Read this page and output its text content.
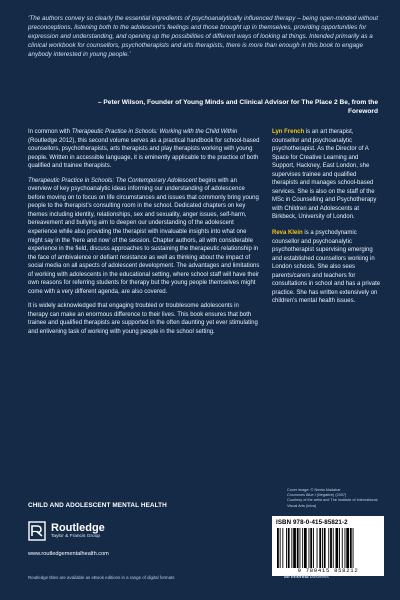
‘The authors convey so clearly the essential ingredients of psychoanalytically influenced therapy – being open-minded without preconceptions, listening both to the adolescent’s feelings and those brought up in themselves, providing opportunities for expression and understanding, and opening up the possibilities of different ways of looking at things. Intended primarily as a clinical workbook for counsellors, psychotherapists and arts therapists, there is more than enough in this book to engage anybody interested in young people.’
– Peter Wilson, Founder of Young Minds and Clinical Advisor for The Place 2 Be, from the Foreword

In common with Therapeutic Practice in Schools: Working with the Child Within (Routledge 2012), this second volume serves as a practical handbook for school-based counsellors, psychotherapists, arts therapists and play therapists working with young people. Written in accessible language, it is eminently applicable to the practice of both qualified and trainee therapists.

Therapeutic Practice in Schools: The Contemporary Adolescent begins with an overview of key psychoanalytic ideas informing our understanding of adolescence before moving on to focus on life circumstances and issues that commonly bring young people to the therapist’s consulting room in the school. Dedicated chapters on key themes including identity, relationships, sex and sexuality, anger issues, self-harm, bereavement and bullying aim to deepen our understanding of the adolescent experience while also providing the therapist with invaluable insights into what one might say in the ‘here and now’ of the session. Chapter authors, all with considerable experience in the field, discuss approaches to sustaining the therapeutic relationship in the face of ambivalence or defiant resistance as well as thinking about the impact of social media on all aspects of adolescent development. The advantages and limitations of working with adolescents in the educational setting, where school staff will have their own reasons for referring students for therapy but the young people themselves might come with a very different agenda, are also covered.

It is widely acknowledged that engaging troubled or troublesome adolescents in therapy can make an enormous difference to their lives. This book ensures that both trainee and qualified therapists are supported in the often daunting yet ever stimulating and enlivening task of working with young people in the school setting.

Lyn French is an art therapist, counsellor and psychoanalytic psychotherapist. As the Director of A Space for Creative Learning and Support, Hackney, East London, she supervises trainee and qualified therapists and manages school-based services. She is also on the staff of the MSc in Counselling and Psychotherapy with Children and Adolescents at Birkbeck, University of London.

Reva Klein is a psychodynamic counsellor and psychoanalytic psychotherapist supervising emerging and established counsellors working in London schools. She also sees parents/carers and teachers for consultations in school and has a private practice. She has written extensively on children’s mental health issues.

Cover image: © Neeta Madahar
Cosmoses Blue I (Negative) (2007)
Courtesy of the artist and The Institute of International Visual Arts (iniva)
CHILD AND ADOLESCENT MENTAL HEALTH
Routledge
Taylor & Francis Group
www.routledgementalhealth.com
ISBN 978-0-415-85821-2
9 780415 858212
Routledge titles are available as eBook editions in a range of digital formats	an informa business
